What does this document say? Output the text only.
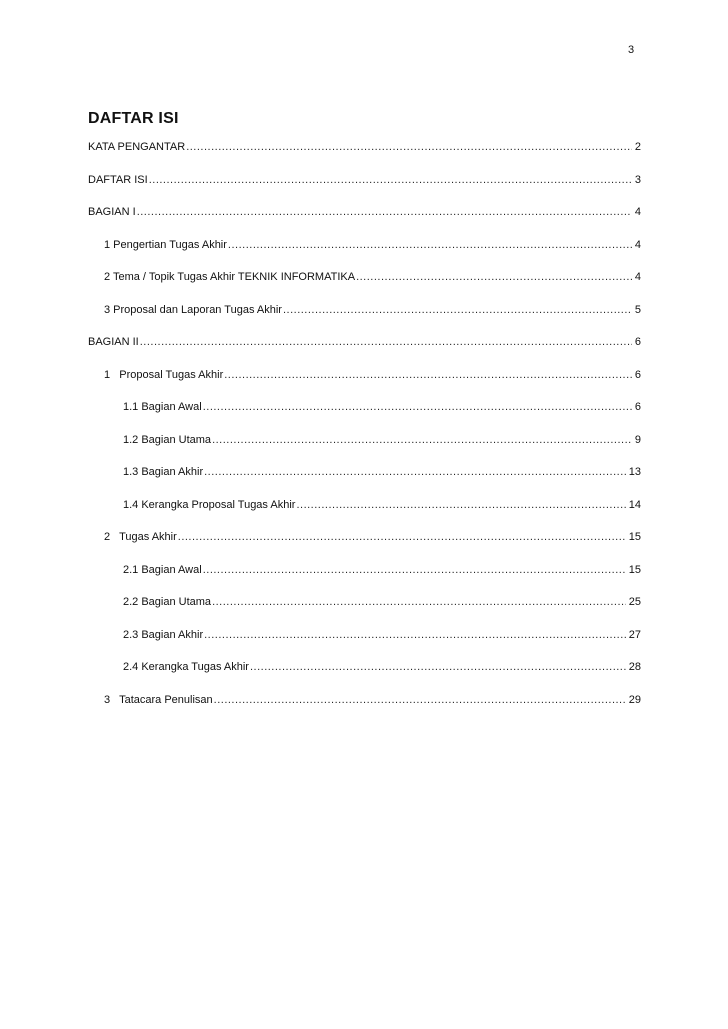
3
DAFTAR ISI
KATA PENGANTAR .....	2
DAFTAR ISI .....	3
BAGIAN I .....	4
1 Pengertian Tugas Akhir .....	4
2 Tema / Topik Tugas Akhir TEKNIK INFORMATIKA .....	4
3 Proposal dan Laporan Tugas Akhir .....	5
BAGIAN II .....	6
1   Proposal Tugas Akhir .....	6
1.1 Bagian Awal .....	6
1.2 Bagian Utama .....	9
1.3 Bagian Akhir .....	13
1.4 Kerangka Proposal Tugas Akhir .....	14
2   Tugas Akhir .....	15
2.1 Bagian Awal .....	15
2.2 Bagian Utama .....	25
2.3 Bagian Akhir .....	27
2.4 Kerangka Tugas Akhir .....	28
3   Tatacara Penulisan .....	29
